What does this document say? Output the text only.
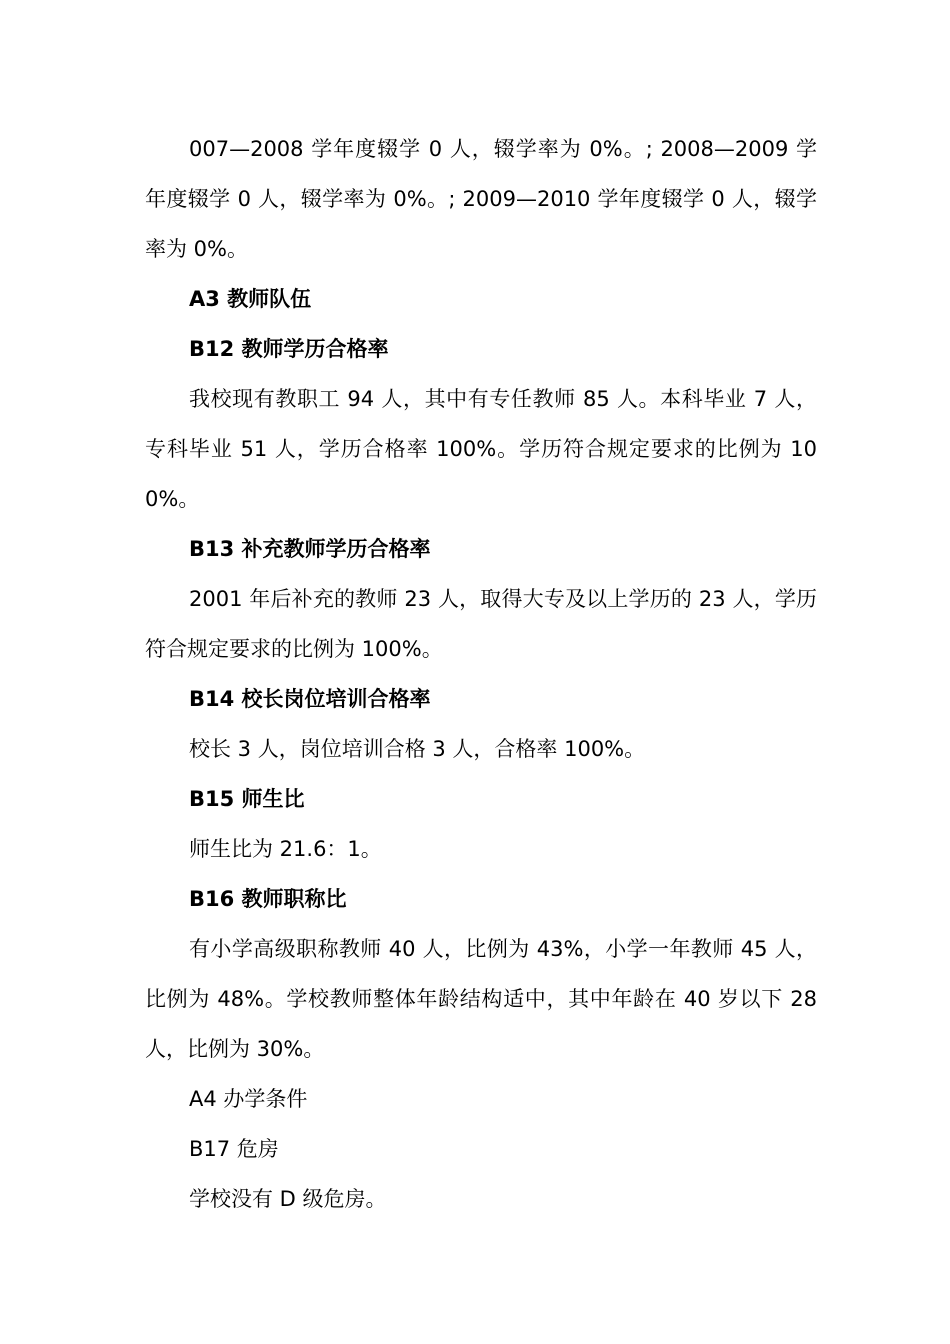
007—2008 学年度辍学 0 人，辍学率为 0%。; 2008—2009 学年度辍学 0 人，辍学率为 0%。; 2009—2010 学年度辍学 0 人，辍学率为 0%。

A3 教师队伍

B12 教师学历合格率

我校现有教职工 94 人，其中有专任教师 85 人。本科毕业 7 人，专科毕业 51 人，学历合格率 100%。学历符合规定要求的比例为 100%。

B13 补充教师学历合格率

2001 年后补充的教师 23 人，取得大专及以上学历的 23 人，学历符合规定要求的比例为 100%。

B14 校长岗位培训合格率

校长 3 人，岗位培训合格 3 人，合格率 100%。

B15 师生比

师生比为 21.6：1。

B16 教师职称比

有小学高级职称教师 40 人，比例为 43%，小学一年教师 45 人，比例为 48%。学校教师整体年龄结构适中，其中年龄在 40 岁以下 28 人，比例为 30%。

A4 办学条件

B17 危房

学校没有 D 级危房。
